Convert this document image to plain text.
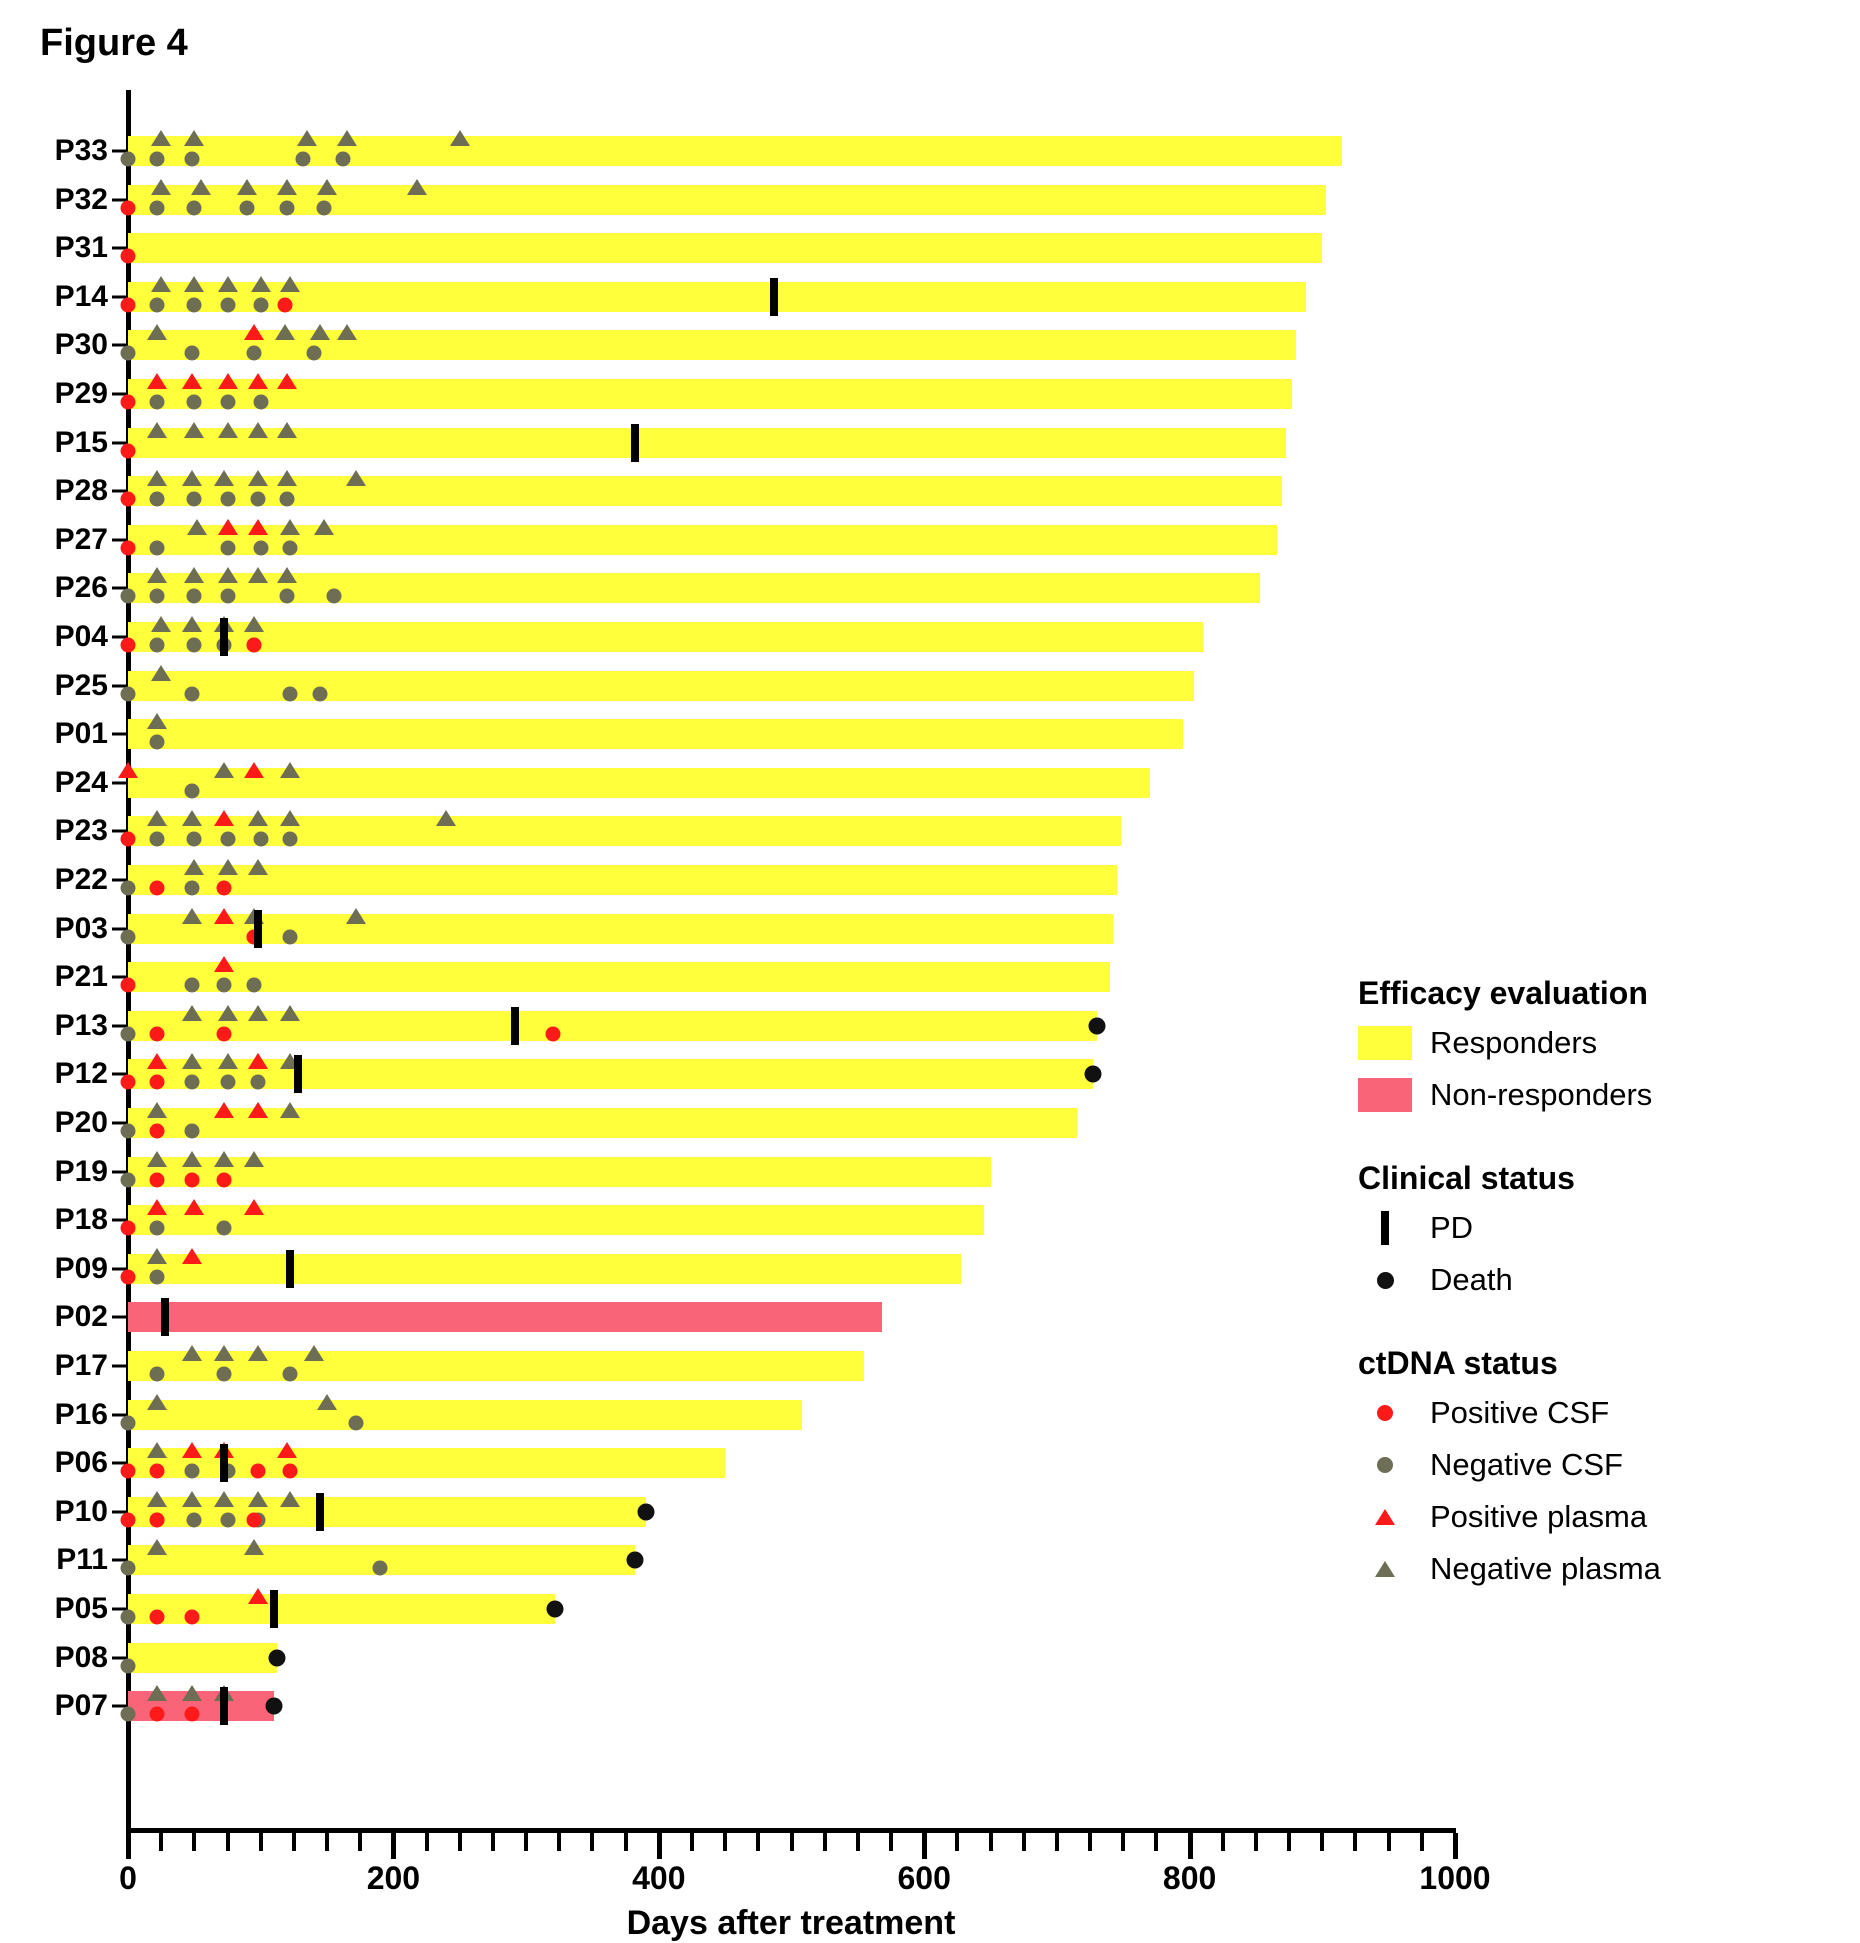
Figure 4
P33
P32
P31
P14
P30
P29
P15
P28
P27
P26
P04
P25
P01
P24
P23
P22
P03
P21
P13
P12
P20
P19
P18
P09
P02
P17
P16
P06
P10
P11
P05
P08
P07
0	200	400	600	800	1000
Days after treatment
Efficacy evaluation
Responders
Non-responders
Clinical status
PD
Death
ctDNA status
Positive CSF
Negative CSF
Positive plasma
Negative plasma
